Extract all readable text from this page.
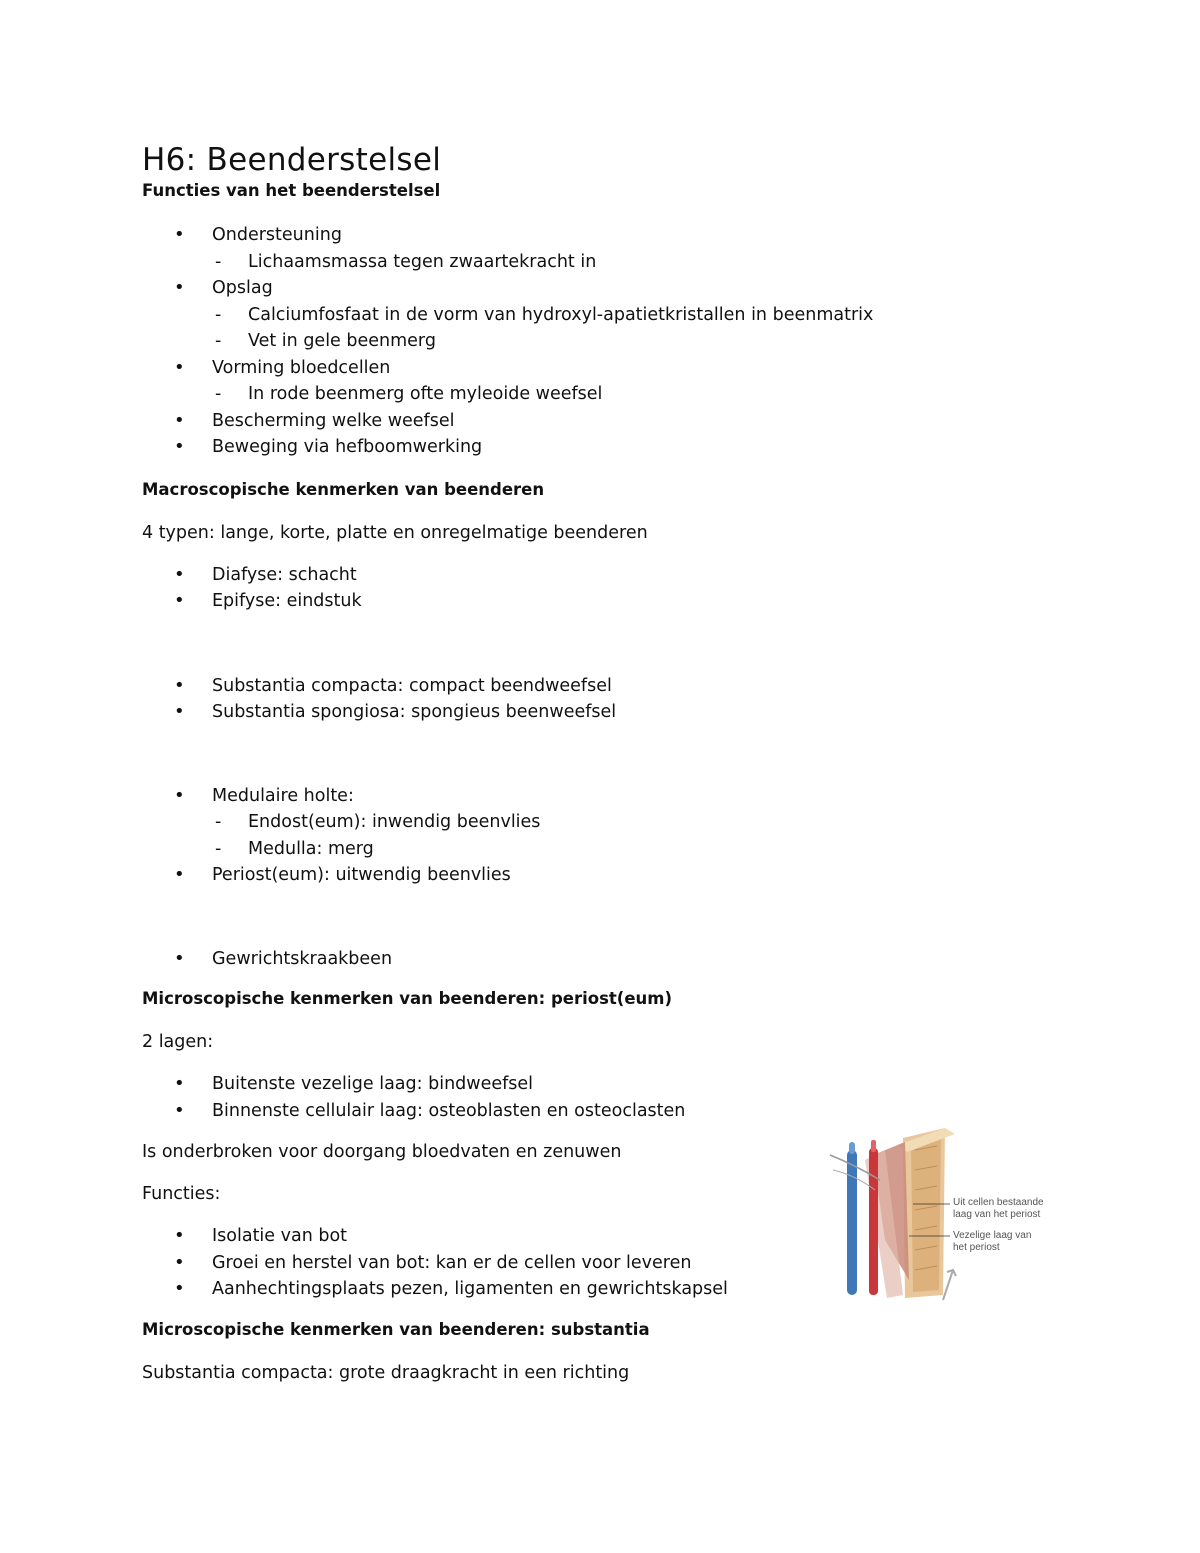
H6: Beenderstelsel

Functies van het beenderstelsel

• Ondersteuning
- Lichaamsmassa tegen zwaartekracht in
• Opslag
- Calciumfosfaat in de vorm van hydroxyl-apatietkristallen in beenmatrix
- Vet in gele beenmerg
• Vorming bloedcellen
- In rode beenmerg ofte myleoide weefsel
• Bescherming welke weefsel
• Beweging via hefboomwerking

Macroscopische kenmerken van beenderen

4 typen: lange, korte, platte en onregelmatige beenderen

• Diafyse: schacht
• Epifyse: eindstuk
• Substantia compacta: compact beendweefsel
• Substantia spongiosa: spongieus beenweefsel
• Medulaire holte:
- Endost(eum): inwendig beenvlies
- Medulla: merg
• Periost(eum): uitwendig beenvlies
• Gewrichtskraakbeen

Microscopische kenmerken van beenderen: periost(eum)

2 lagen:

• Buitenste vezelige laag: bindweefsel
• Binnenste cellulair laag: osteoblasten en osteoclasten

Is onderbroken voor doorgang bloedvaten en zenuwen

Functies:

• Isolatie van bot
• Groei en herstel van bot: kan er de cellen voor leveren
• Aanhechtingsplaats pezen, ligamenten en gewrichtskapsel

Microscopische kenmerken van beenderen: substantia

Substantia compacta: grote draagkracht in een richting

Uit cellen bestaande
laag van het periost
Vezelige laag van
het periost
